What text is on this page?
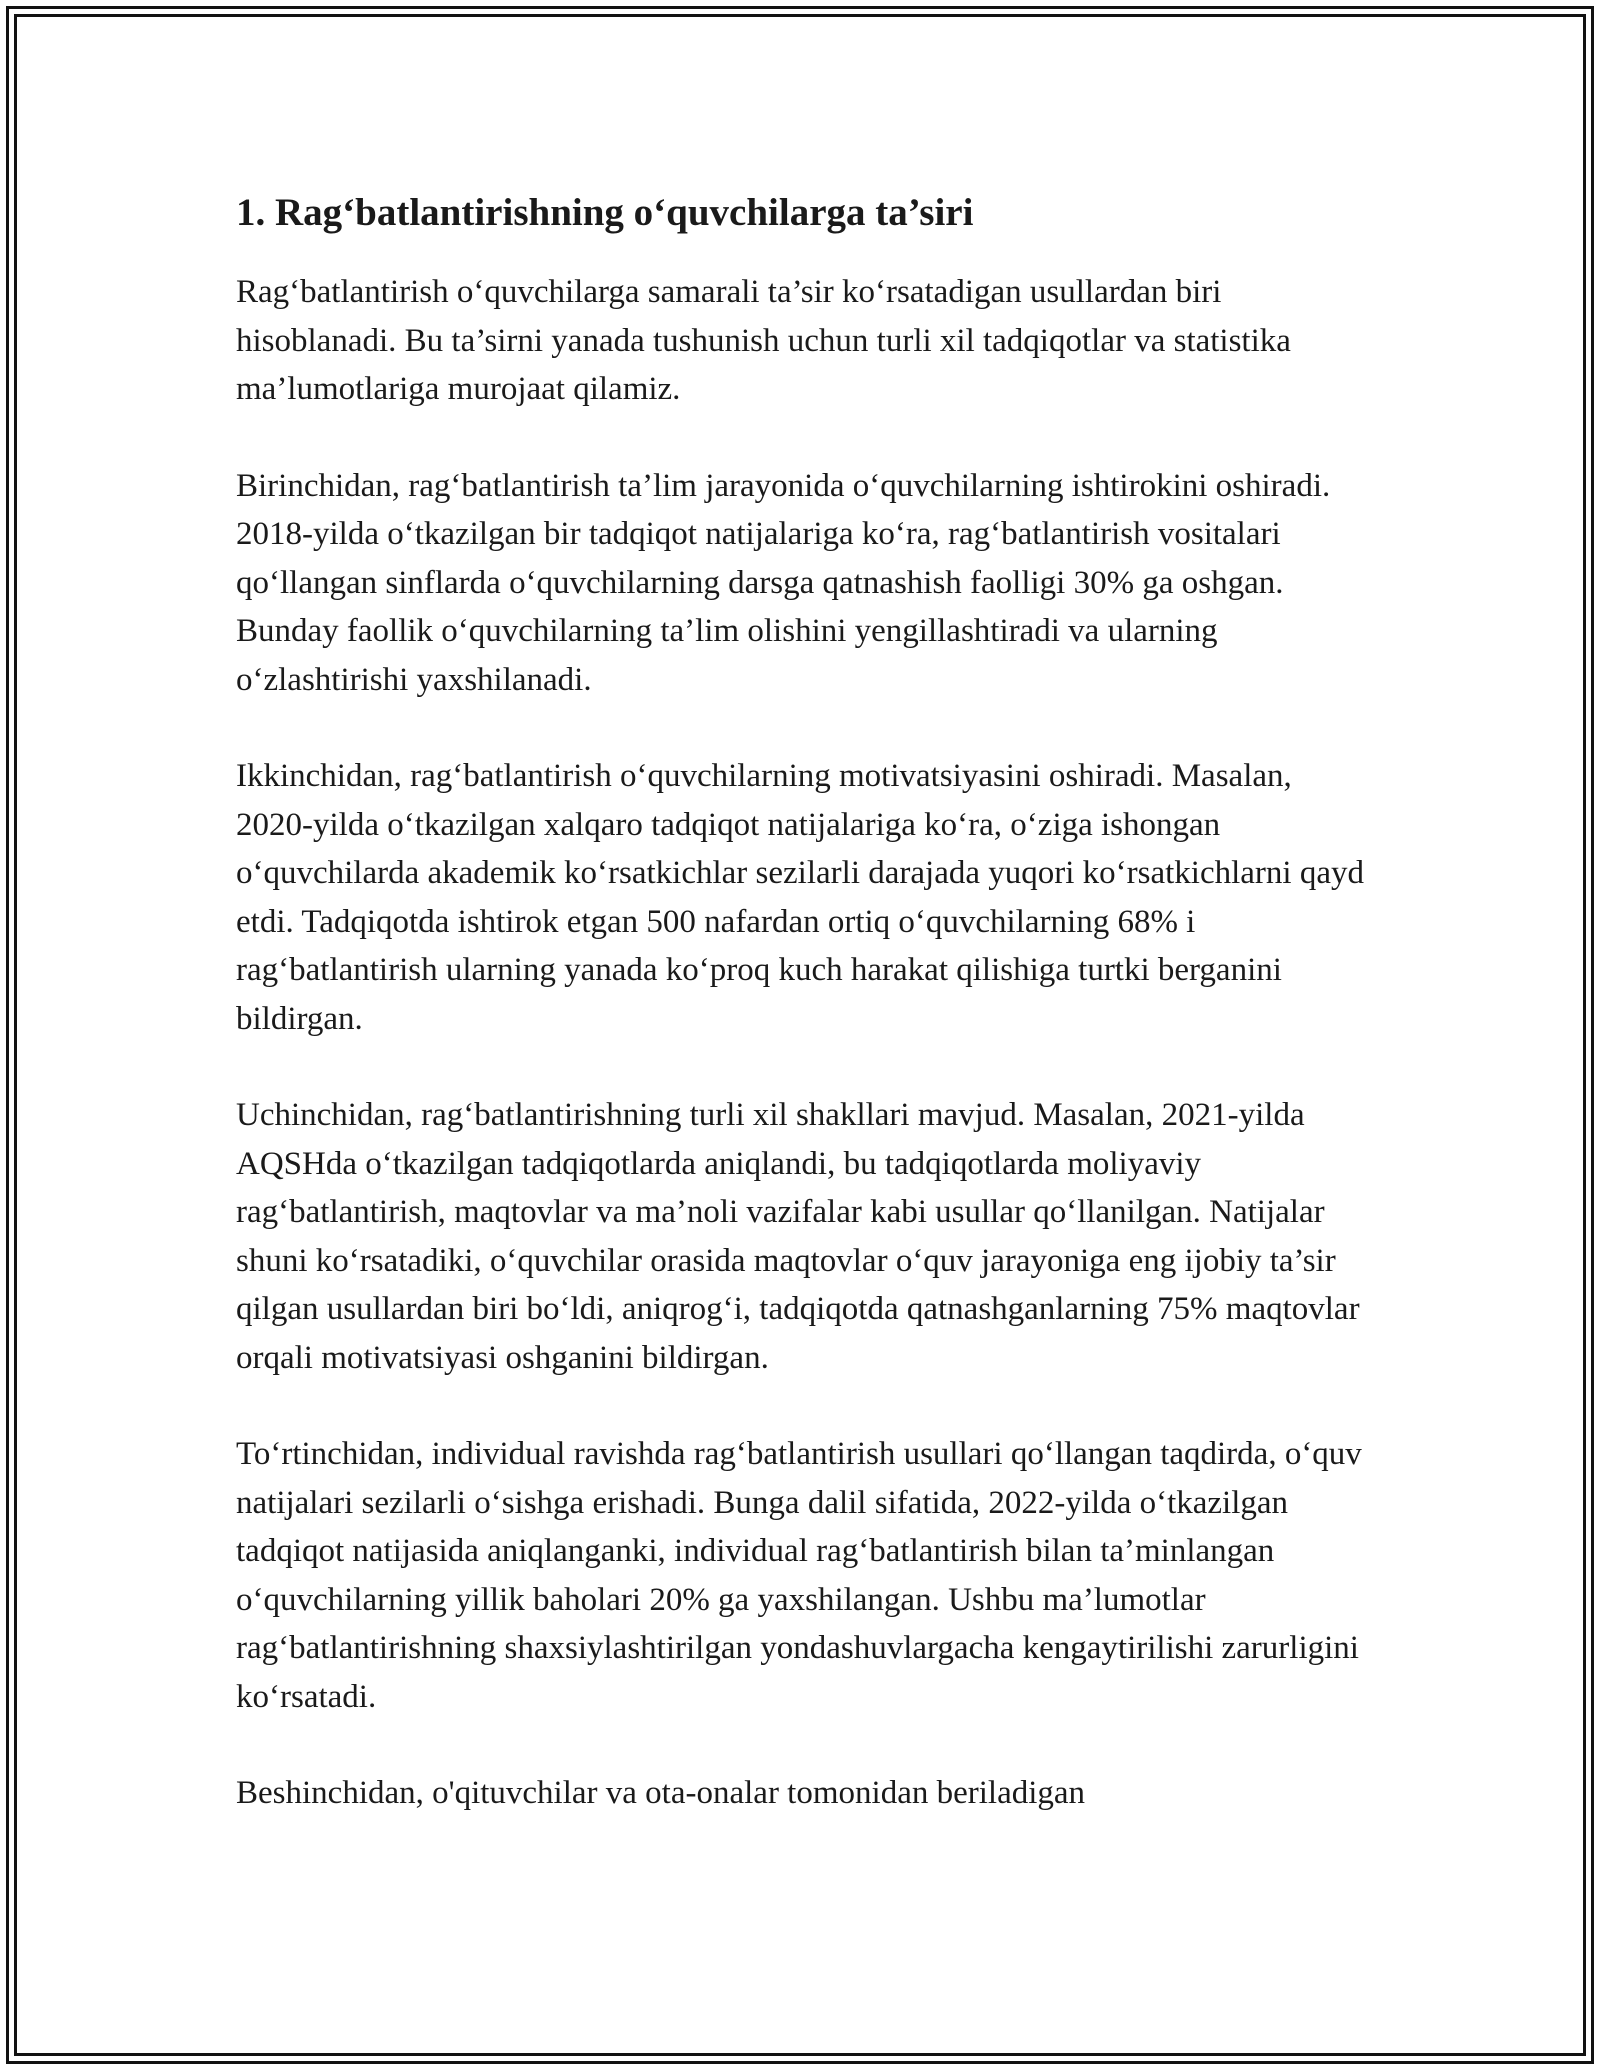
1. Rag‘batlantirishning o‘quvchilarga ta’siri

Rag‘batlantirish o‘quvchilarga samarali ta’sir ko‘rsatadigan usullardan biri hisoblanadi. Bu ta’sirni yanada tushunish uchun turli xil tadqiqotlar va statistika ma’lumotlariga murojaat qilamiz.

Birinchidan, rag‘batlantirish ta’lim jarayonida o‘quvchilarning ishtirokini oshiradi. 2018-yilda o‘tkazilgan bir tadqiqot natijalariga ko‘ra, rag‘batlantirish vositalari qo‘llangan sinflarda o‘quvchilarning darsga qatnashish faolligi 30% ga oshgan. Bunday faollik o‘quvchilarning ta’lim olishini yengillashtiradi va ularning o‘zlashtirishi yaxshilanadi.

Ikkinchidan, rag‘batlantirish o‘quvchilarning motivatsiyasini oshiradi. Masalan, 2020-yilda o‘tkazilgan xalqaro tadqiqot natijalariga ko‘ra, o‘ziga ishongan o‘quvchilarda akademik ko‘rsatkichlar sezilarli darajada yuqori ko‘rsatkichlarni qayd etdi. Tadqiqotda ishtirok etgan 500 nafardan ortiq o‘quvchilarning 68% i rag‘batlantirish ularning yanada ko‘proq kuch harakat qilishiga turtki berganini bildirgan.

Uchinchidan, rag‘batlantirishning turli xil shakllari mavjud. Masalan, 2021-yilda AQSHda o‘tkazilgan tadqiqotlarda aniqlandi, bu tadqiqotlarda moliyaviy rag‘batlantirish, maqtovlar va ma’noli vazifalar kabi usullar qo‘llanilgan. Natijalar shuni ko‘rsatadiki, o‘quvchilar orasida maqtovlar o‘quv jarayoniga eng ijobiy ta’sir qilgan usullardan biri bo‘ldi, aniqrog‘i, tadqiqotda qatnashganlarning 75% maqtovlar orqali motivatsiyasi oshganini bildirgan.

To‘rtinchidan, individual ravishda rag‘batlantirish usullari qo‘llangan taqdirda, o‘quv natijalari sezilarli o‘sishga erishadi. Bunga dalil sifatida, 2022-yilda o‘tkazilgan tadqiqot natijasida aniqlanganki, individual rag‘batlantirish bilan ta’minlangan o‘quvchilarning yillik baholari 20% ga yaxshilangan. Ushbu ma’lumotlar rag‘batlantirishning shaxsiylashtirilgan yondashuvlargacha kengaytirilishi zarurligini ko‘rsatadi.

Beshinchidan, o'qituvchilar va ota-onalar tomonidan beriladigan
